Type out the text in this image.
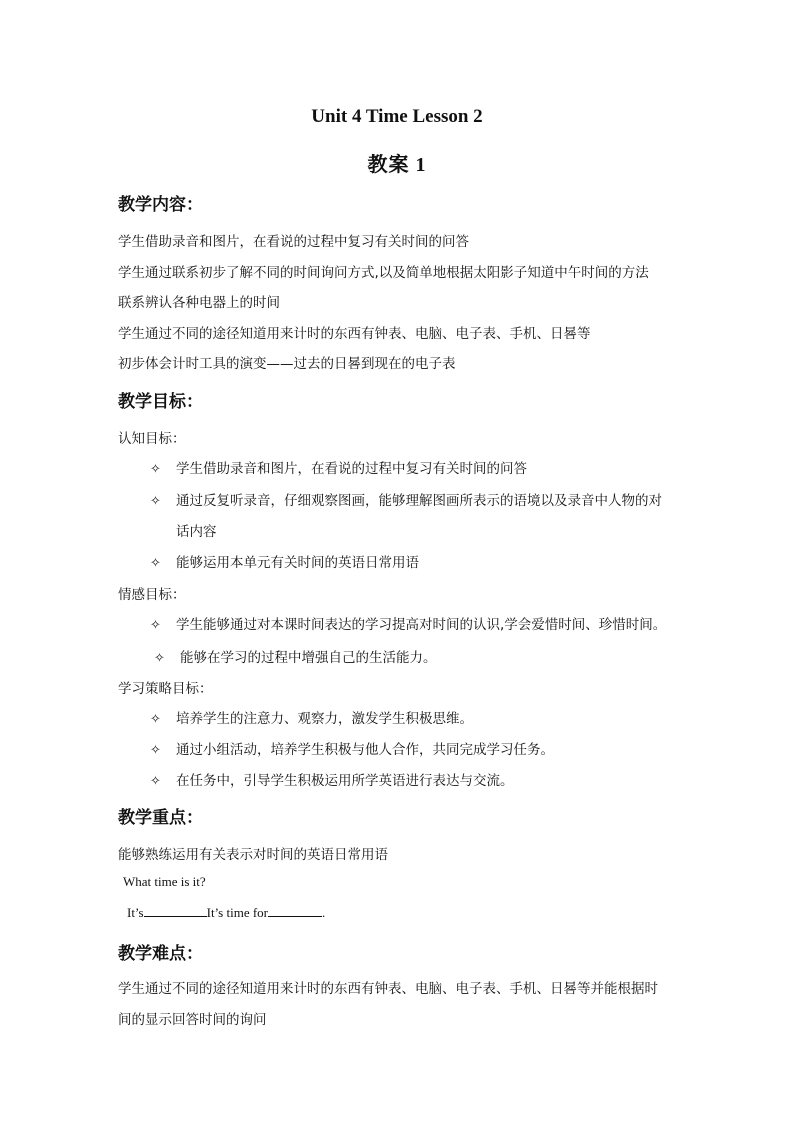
Unit 4 Time Lesson 2
教案 1
教学内容：
学生借助录音和图片，在看说的过程中复习有关时间的问答
学生通过联系初步了解不同的时间询问方式,以及简单地根据太阳影子知道中午时间的方法
联系辨认各种电器上的时间
学生通过不同的途径知道用来计时的东西有钟表、电脑、电子表、手机、日晷等
初步体会计时工具的演变——过去的日晷到现在的电子表
教学目标：
认知目标：
✧ 学生借助录音和图片，在看说的过程中复习有关时间的问答
✧ 通过反复听录音，仔细观察图画，能够理解图画所表示的语境以及录音中人物的对
话内容
✧ 能够运用本单元有关时间的英语日常用语
情感目标：
✧ 学生能够通过对本课时间表达的学习提高对时间的认识,学会爱惜时间、珍惜时间。
✧ 能够在学习的过程中增强自己的生活能力。
学习策略目标：
✧ 培养学生的注意力、观察力，激发学生积极思维。
✧ 通过小组活动，培养学生积极与他人合作，共同完成学习任务。
✧ 在任务中，引导学生积极运用所学英语进行表达与交流。
教学重点：
能够熟练运用有关表示对时间的英语日常用语
What time is it?
It’s	It’s time for	.
教学难点：
学生通过不同的途径知道用来计时的东西有钟表、电脑、电子表、手机、日晷等并能根据时
间的显示回答时间的询问
